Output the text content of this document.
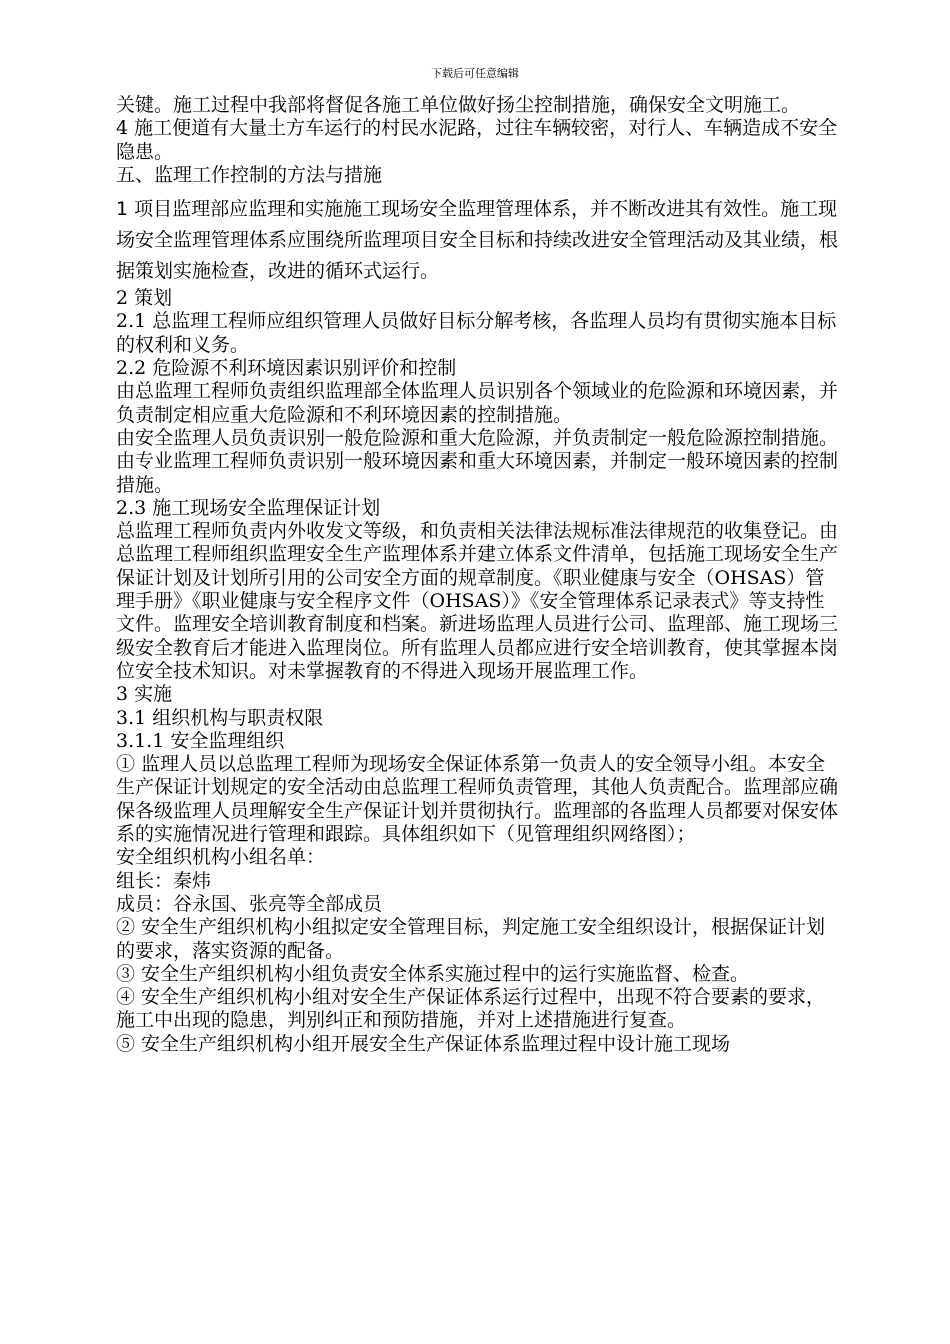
下载后可任意编辑

关键。施工过程中我部将督促各施工单位做好扬尘控制措施，确保安全文明施工。

4 施工便道有大量土方车运行的村民水泥路，过往车辆较密，对行人、车辆造成不安全隐患。

五、监理工作控制的方法与措施

1 项目监理部应监理和实施施工现场安全监理管理体系，并不断改进其有效性。施工现场安全监理管理体系应围绕所监理项目安全目标和持续改进安全管理活动及其业绩，根据策划实施检查，改进的循环式运行。

2 策划

2.1 总监理工程师应组织管理人员做好目标分解考核，各监理人员均有贯彻实施本目标的权利和义务。

2.2 危险源不利环境因素识别评价和控制

由总监理工程师负责组织监理部全体监理人员识别各个领域业的危险源和环境因素，并负责制定相应重大危险源和不利环境因素的控制措施。

由安全监理人员负责识别一般危险源和重大危险源，并负责制定一般危险源控制措施。

由专业监理工程师负责识别一般环境因素和重大环境因素，并制定一般环境因素的控制措施。

2.3 施工现场安全监理保证计划

总监理工程师负责内外收发文等级，和负责相关法律法规标准法律规范的收集登记。由总监理工程师组织监理安全生产监理体系并建立体系文件清单，包括施工现场安全生产保证计划及计划所引用的公司安全方面的规章制度。《职业健康与安全（OHSAS）管理手册》《职业健康与安全程序文件（OHSAS）》《安全管理体系记录表式》等支持性文件。监理安全培训教育制度和档案。新进场监理人员进行公司、监理部、施工现场三级安全教育后才能进入监理岗位。所有监理人员都应进行安全培训教育，使其掌握本岗位安全技术知识。对未掌握教育的不得进入现场开展监理工作。

3 实施

3.1 组织机构与职责权限

3.1.1 安全监理组织

① 监理人员以总监理工程师为现场安全保证体系第一负责人的安全领导小组。本安全生产保证计划规定的安全活动由总监理工程师负责管理，其他人负责配合。监理部应确保各级监理人员理解安全生产保证计划并贯彻执行。监理部的各监理人员都要对保安体系的实施情况进行管理和跟踪。具体组织如下（见管理组织网络图）；

安全组织机构小组名单：

组长：秦炜

成员：谷永国、张亮等全部成员

② 安全生产组织机构小组拟定安全管理目标，判定施工安全组织设计，根据保证计划的要求，落实资源的配备。

③ 安全生产组织机构小组负责安全体系实施过程中的运行实施监督、检查。

④ 安全生产组织机构小组对安全生产保证体系运行过程中，出现不符合要素的要求，施工中出现的隐患，判别纠正和预防措施，并对上述措施进行复查。

⑤ 安全生产组织机构小组开展安全生产保证体系监理过程中设计施工现场
